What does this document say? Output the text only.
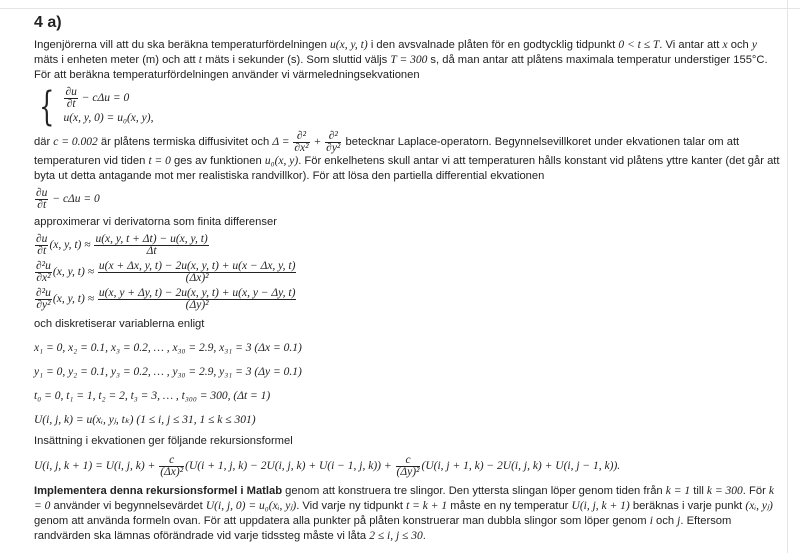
4 a)

Ingenjörerna vill att du ska beräkna temperaturfördelningen u(x, y, t) i den avsvalnade plåten för en godtycklig tidpunkt 0 < t ≤ T. Vi antar att x och y mäts i enheten meter (m) och att t mäts i sekunder (s). Som sluttid väljs T = 300 s, då man antar att plåtens maximala temperatur understiger 155°C. För att beräkna temperaturfördelningen använder vi värmeledningsekvationen

{ $\frac{\partial u}{\partial t} - c\Delta u = 0$
u(x, y, 0) = u₀(x, y),

där c = 0.002 är plåtens termiska diffusivitet och $\Delta = \frac{\text{∂²}}{\text{∂x²}} + \frac{\text{∂²}}{\text{∂y²}}$ betecknar Laplace-operatorn. Begynnelsevillkoret under ekvationen talar om att temperaturen vid tiden t = 0 ges av funktionen u₀(x, y). För enkelhetens skull antar vi att temperaturen hålls konstant vid plåtens yttre kanter (det går att byta ut detta antagande mot mer realistiska randvillkor). För att lösa den partiella differential ekvationen

$\frac{\partial u}{\partial t} - c\Delta u = 0$

approximerar vi derivatorna som finita differenser

$\frac{\partial u}{\partial t} (x$, y, $t) \approx \frac{u(x, y, t + \Delta t) - u(x, y, t)}{\Delta t}$
$\frac{\text{∂²u}}{\text{∂x²}} (x$, y, $t) \approx \frac{u(x + \Delta x, y, t) - 2u(x, y, t) + u(x - \Delta x, y, t)}{\text{(Δx)²}}$
$\frac{\text{∂²u}}{\text{∂y²}} (x$, y, $t) \approx \frac{u(x, y + \Delta y, t) - 2u(x, y, t) + u(x, y - \Delta y, t)}{\text{(Δy)²}}$

och diskretiserar variablerna enligt

x₁ = 0, x₂ = 0.1, x₃ = 0.2, … , x₃₀ = 2.9, x₃₁ = 3 (Δx = 0.1)
y₁ = 0, y₂ = 0.1, y₃ = 0.2, … , y₃₀ = 2.9, y₃₁ = 3 (Δy = 0.1)
t₀ = 0, t₁ = 1, t₂ = 2, t₃ = 3, … , t₃₀₀ = 300, (Δt = 1)
U(i, j, k) = u(xᵢ, yⱼ, tₖ) (1 ≤ i, j ≤ 31, 1 ≤ k ≤ 301)

Insättning i ekvationen ger följande rekursionsformel

U(i, j, k + 1) = U(i, j, $k) + \frac{c}{\text{(Δx)²}} (U(i + 1$, j, k) − 2U(i, j, k) + U(i − 1, j, $k)) + \frac{c}{\text{(Δy)²}} (U(i$, j + 1, k) − 2U(i, j, k) + U(i, j − 1, k)).

Implementera denna rekursionsformel i Matlab genom att konstruera tre slingor. Den yttersta slingan löper genom tiden från k = 1 till k = 300. För k = 0 använder vi begynnelsevärdet U(i, j, 0) = u₀(xᵢ, yⱼ). Vid varje ny tidpunkt t = k + 1 måste en ny temperatur U(i, j, k + 1) beräknas i varje punkt (xᵢ, yⱼ) genom att använda formeln ovan. För att uppdatera alla punkter på plåten konstruerar man dubbla slingor som löper genom i och j. Eftersom randvärden ska lämnas oförändrade vid varje tidssteg måste vi låta 2 ≤ i, j ≤ 30.
